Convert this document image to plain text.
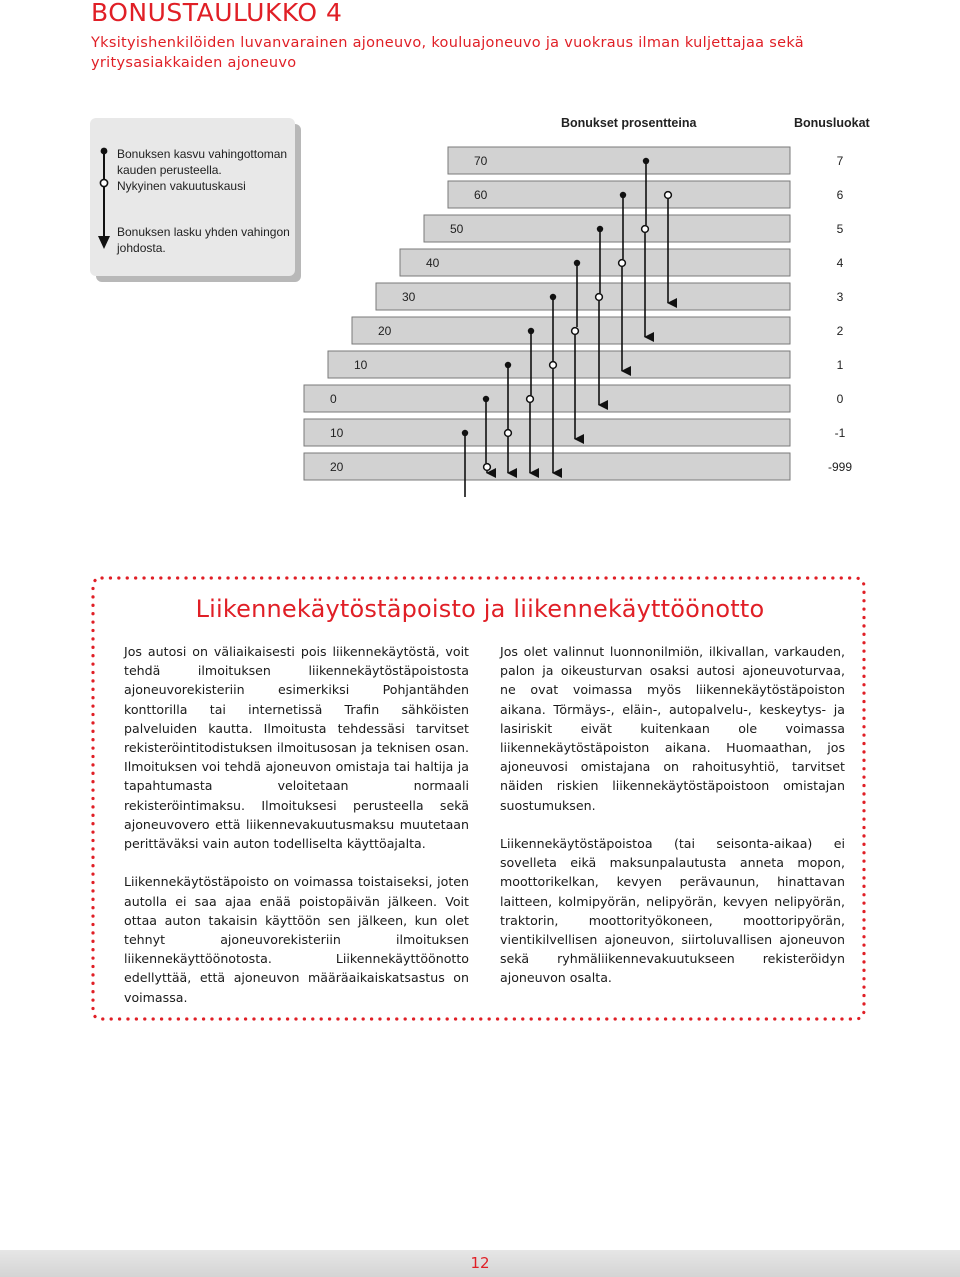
BONUSTAULUKKO 4
Yksityishenkilöiden luvanvarainen ajoneuvo, kouluajoneuvo ja vuokraus ilman kuljettajaa sekä yritysasiakkaiden ajoneuvo
Bonuksen kasvu vahingottoman
kauden perusteella.
Nykyinen vakuutuskausi
Bonuksen lasku yhden vahingon
johdosta.
Bonukset prosentteina	Bonusluokat
70	7
60	6
50	5
40	4
30	3
20	2
10	1
0	0
10	-1
20	-999
Liikennekäytöstäpoisto ja liikennekäyttöönotto

Jos autosi on väliaikaisesti pois liikennekäytöstä, voit tehdä ilmoituksen liikennekäytöstäpoistosta ajoneuvorekisteriin esimerkiksi Pohjantähden konttorilla tai internetissä Trafin sähköisten palveluiden kautta. Ilmoitusta tehdessäsi tarvitset rekisteröintitodistuksen ilmoitusosan ja teknisen osan. Ilmoituksen voi tehdä ajoneuvon omistaja tai haltija ja tapahtumasta veloitetaan normaali rekisteröintimaksu. Ilmoituksesi perusteella sekä ajoneuvovero että liikennevakuutusmaksu muutetaan perittäväksi vain auton todelliselta käyttöajalta.

Liikennekäytöstäpoisto on voimassa toistaiseksi, joten autolla ei saa ajaa enää poistopäivän jälkeen. Voit ottaa auton takaisin käyttöön sen jälkeen, kun olet tehnyt ajoneuvorekisteriin ilmoituksen liikennekäyttöönotosta. Liikennekäyttöönotto edellyttää, että ajoneuvon määräaikaiskatsastus on voimassa.

Jos olet valinnut luonnonilmiön, ilkivallan, varkauden, palon ja oikeusturvan osaksi autosi ajoneuvoturvaa, ne ovat voimassa myös liikennekäytöstäpoiston aikana. Törmäys-, eläin-, autopalvelu-, keskeytys- ja lasiriskit eivät kuitenkaan ole voimassa liikennekäytöstäpoiston aikana. Huomaathan, jos ajoneuvosi omistajana on rahoitusyhtiö, tarvitset näiden riskien liikennekäytöstäpoistoon omistajan suostumuksen.

Liikennekäytöstäpoistoa (tai seisonta-aikaa) ei sovelleta eikä maksunpalautusta anneta mopon, moottorikelkan, kevyen perävaunun, hinattavan laitteen, kolmipyörän, nelipyörän, kevyen nelipyörän, traktorin, moottorityökoneen, moottoripyörän, vientikilvellisen ajoneuvon, siirtoluvallisen ajoneuvon sekä ryhmäliikennevakuutukseen rekisteröidyn ajoneuvon osalta.

12
